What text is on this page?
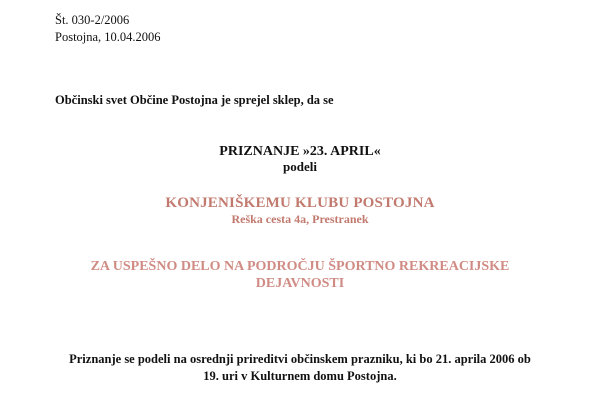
Št. 030-2/2006
Postojna, 10.04.2006
Občinski svet Občine Postojna je sprejel sklep, da se
PRIZNANJE »23. APRIL«
podeli
KONJENIŠKEMU KLUBU POSTOJNA
Reška cesta 4a, Prestranek
ZA USPEŠNO DELO NA PODROČJU ŠPORTNO REKREACIJSKE
DEJAVNOSTI
Priznanje se podeli na osrednji prireditvi občinskem prazniku, ki bo 21. aprila 2006 ob
19. uri v Kulturnem domu Postojna.
